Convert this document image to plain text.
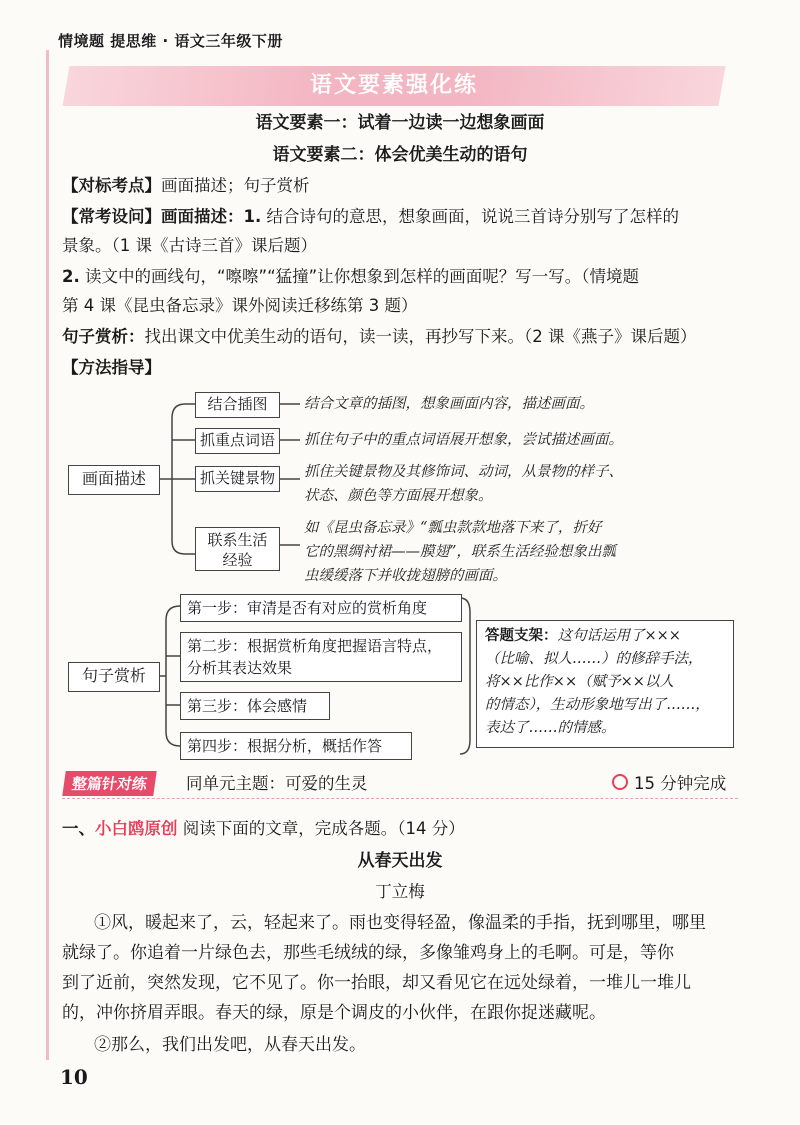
情境题 提思维 · 语文三年级下册
语文要素强化练
语文要素一：试着一边读一边想象画面
语文要素二：体会优美生动的语句
【对标考点】画面描述；句子赏析
【常考设问】画面描述：1. 结合诗句的意思，想象画面，说说三首诗分别写了怎样的
景象。（1 课《古诗三首》课后题）
2. 读文中的画线句，“嚓嚓”“猛撞”让你想象到怎样的画面呢？写一写。（情境题
第 4 课《昆虫备忘录》课外阅读迁移练第 3 题）
句子赏析：找出课文中优美生动的语句，读一读，再抄写下来。（2 课《燕子》课后题）
【方法指导】
画面描述
结合插图
抓重点词语
抓关键景物
联系生活
经验
结合文章的插图，想象画面内容，描述画面。
抓住句子中的重点词语展开想象，尝试描述画面。
抓住关键景物及其修饰词、动词，从景物的样子、
状态、颜色等方面展开想象。
如《昆虫备忘录》“瓢虫款款地落下来了，折好
它的黑绸衬裙——膜翅”，联系生活经验想象出瓢
虫缓缓落下并收拢翅膀的画面。
句子赏析
第一步：审清是否有对应的赏析角度
第二步：根据赏析角度把握语言特点，
分析其表达效果
第三步：体会感情
第四步：根据分析，概括作答
答题支架：这句话运用了×××
（比喻、拟人……）的修辞手法，
将××比作××（赋予××以人
的情态），生动形象地写出了……，
表达了……的情感。
整篇针对练	同单元主题：可爱的生灵	15 分钟完成
一、小白鸥原创 阅读下面的文章，完成各题。（14 分）
从春天出发
丁立梅
①风，暖起来了，云，轻起来了。雨也变得轻盈，像温柔的手指，抚到哪里，哪里
就绿了。你追着一片绿色去，那些毛绒绒的绿，多像雏鸡身上的毛啊。可是，等你
到了近前，突然发现，它不见了。你一抬眼，却又看见它在远处绿着，一堆儿一堆儿
的，冲你挤眉弄眼。春天的绿，原是个调皮的小伙伴，在跟你捉迷藏呢。
②那么，我们出发吧，从春天出发。
10
